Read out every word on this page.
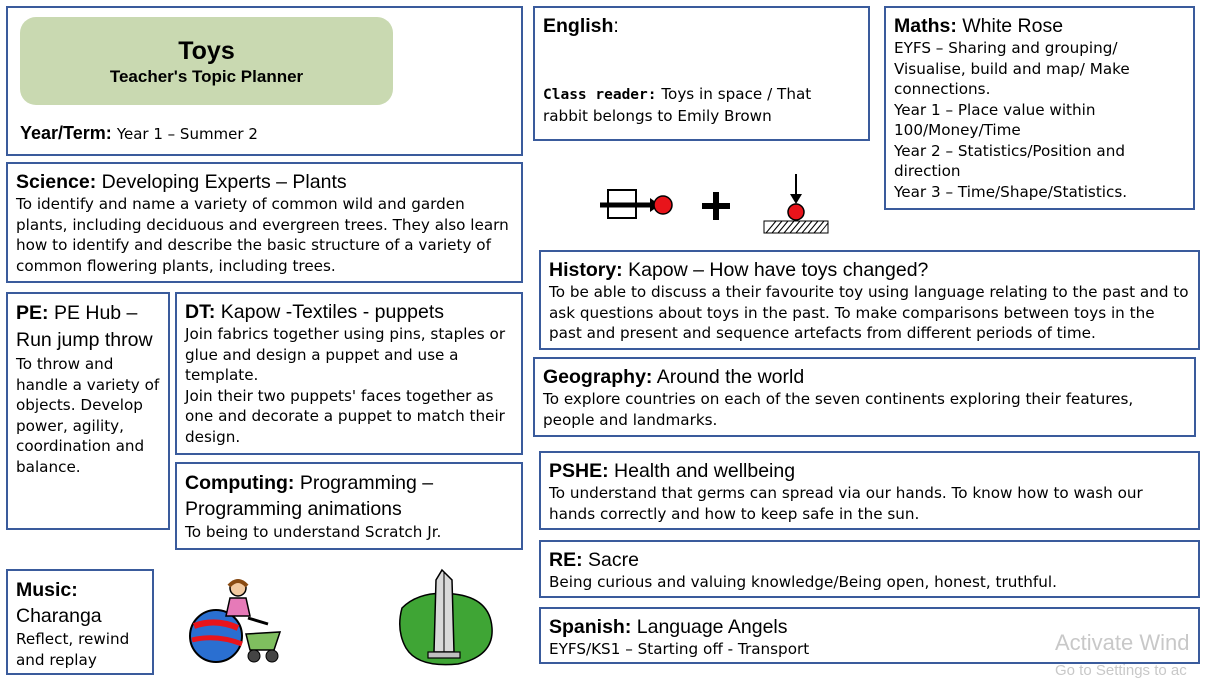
Toys
Teacher's Topic Planner
Year/Term: Year 1 – Summer 2
English:
Class reader: Toys in space / That rabbit belongs to Emily Brown
Maths: White Rose
EYFS – Sharing and grouping/ Visualise, build and map/ Make connections.
Year 1 – Place value within 100/Money/Time
Year 2 – Statistics/Position and direction
Year 3 – Time/Shape/Statistics.
Science: Developing Experts – Plants
To identify and name a variety of common wild and garden plants, including deciduous and evergreen trees. They also learn how to identify and describe the basic structure of a variety of common flowering plants, including trees.
PE: PE Hub – Run jump throw
To throw and handle a variety of objects. Develop power, agility, coordination and balance.
DT: Kapow -Textiles - puppets
Join fabrics together using pins, staples or glue and design a puppet and use a template.
Join their two puppets' faces together as one and decorate a puppet to match their design.
Computing: Programming – Programming animations
To being to understand Scratch Jr.
Music:
Charanga
Reflect, rewind and replay
History: Kapow – How have toys changed?
To be able to discuss a their favourite toy using language relating to the past and to ask questions about toys in the past. To make comparisons between toys in the past and present and sequence artefacts from different periods of time.
Geography: Around the world
To explore countries on each of the seven continents exploring their features, people and landmarks.
PSHE: Health and wellbeing
To understand that germs can spread via our hands. To know how to wash our hands correctly and how to keep safe in the sun.
RE: Sacre
Being curious and valuing knowledge/Being open, honest, truthful.
Spanish: Language Angels
EYFS/KS1 – Starting off - Transport	Activate Wind
Go to Settings to ac
